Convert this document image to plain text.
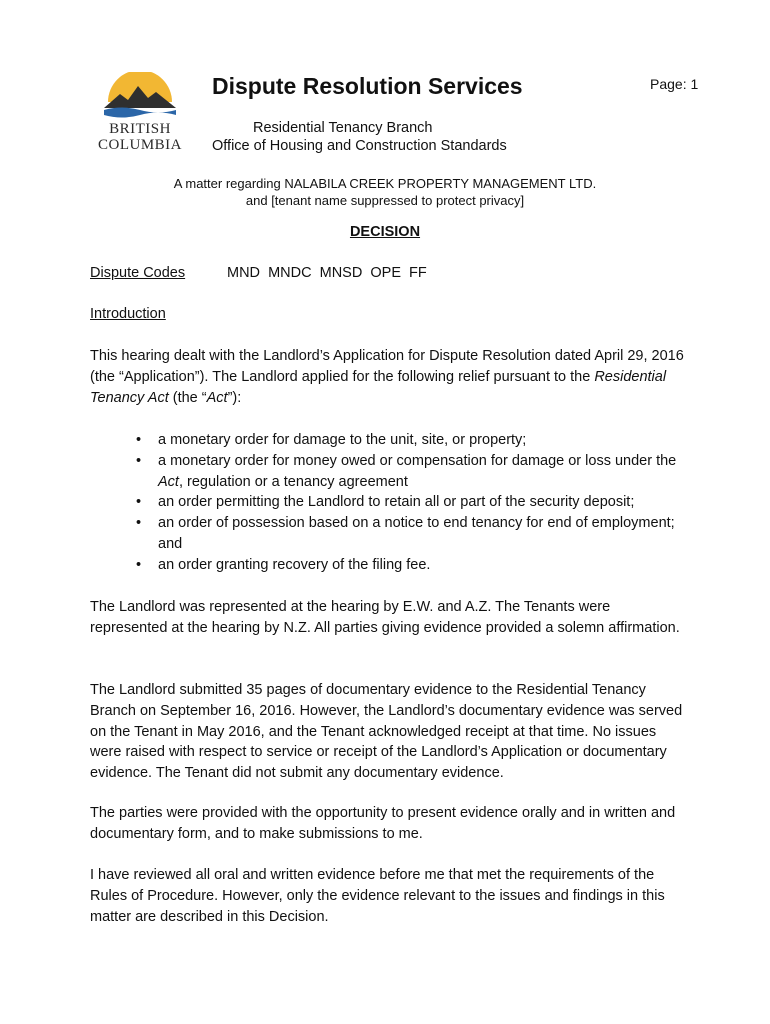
BRITISH
COLUMBIA
Dispute Resolution Services	Page: 1
Residential Tenancy Branch
Office of Housing and Construction Standards
A matter regarding NALABILA CREEK PROPERTY MANAGEMENT LTD.
and [tenant name suppressed to protect privacy]
DECISION
Dispute Codes	MND  MNDC  MNSD  OPE  FF
Introduction
This hearing dealt with the Landlord’s Application for Dispute Resolution dated April 29, 2016 (the “Application”). The Landlord applied for the following relief pursuant to the Residential Tenancy Act (the “Act”):
• a monetary order for damage to the unit, site, or property;
• a monetary order for money owed or compensation for damage or loss under the Act, regulation or a tenancy agreement
• an order permitting the Landlord to retain all or part of the security deposit;
• an order of possession based on a notice to end tenancy for end of employment; and
• an order granting recovery of the filing fee.
The Landlord was represented at the hearing by E.W. and A.Z. The Tenants were represented at the hearing by N.Z. All parties giving evidence provided a solemn affirmation.
The Landlord submitted 35 pages of documentary evidence to the Residential Tenancy Branch on September 16, 2016. However, the Landlord’s documentary evidence was served on the Tenant in May 2016, and the Tenant acknowledged receipt at that time. No issues were raised with respect to service or receipt of the Landlord’s Application or documentary evidence. The Tenant did not submit any documentary evidence.
The parties were provided with the opportunity to present evidence orally and in written and documentary form, and to make submissions to me.
I have reviewed all oral and written evidence before me that met the requirements of the Rules of Procedure. However, only the evidence relevant to the issues and findings in this matter are described in this Decision.
